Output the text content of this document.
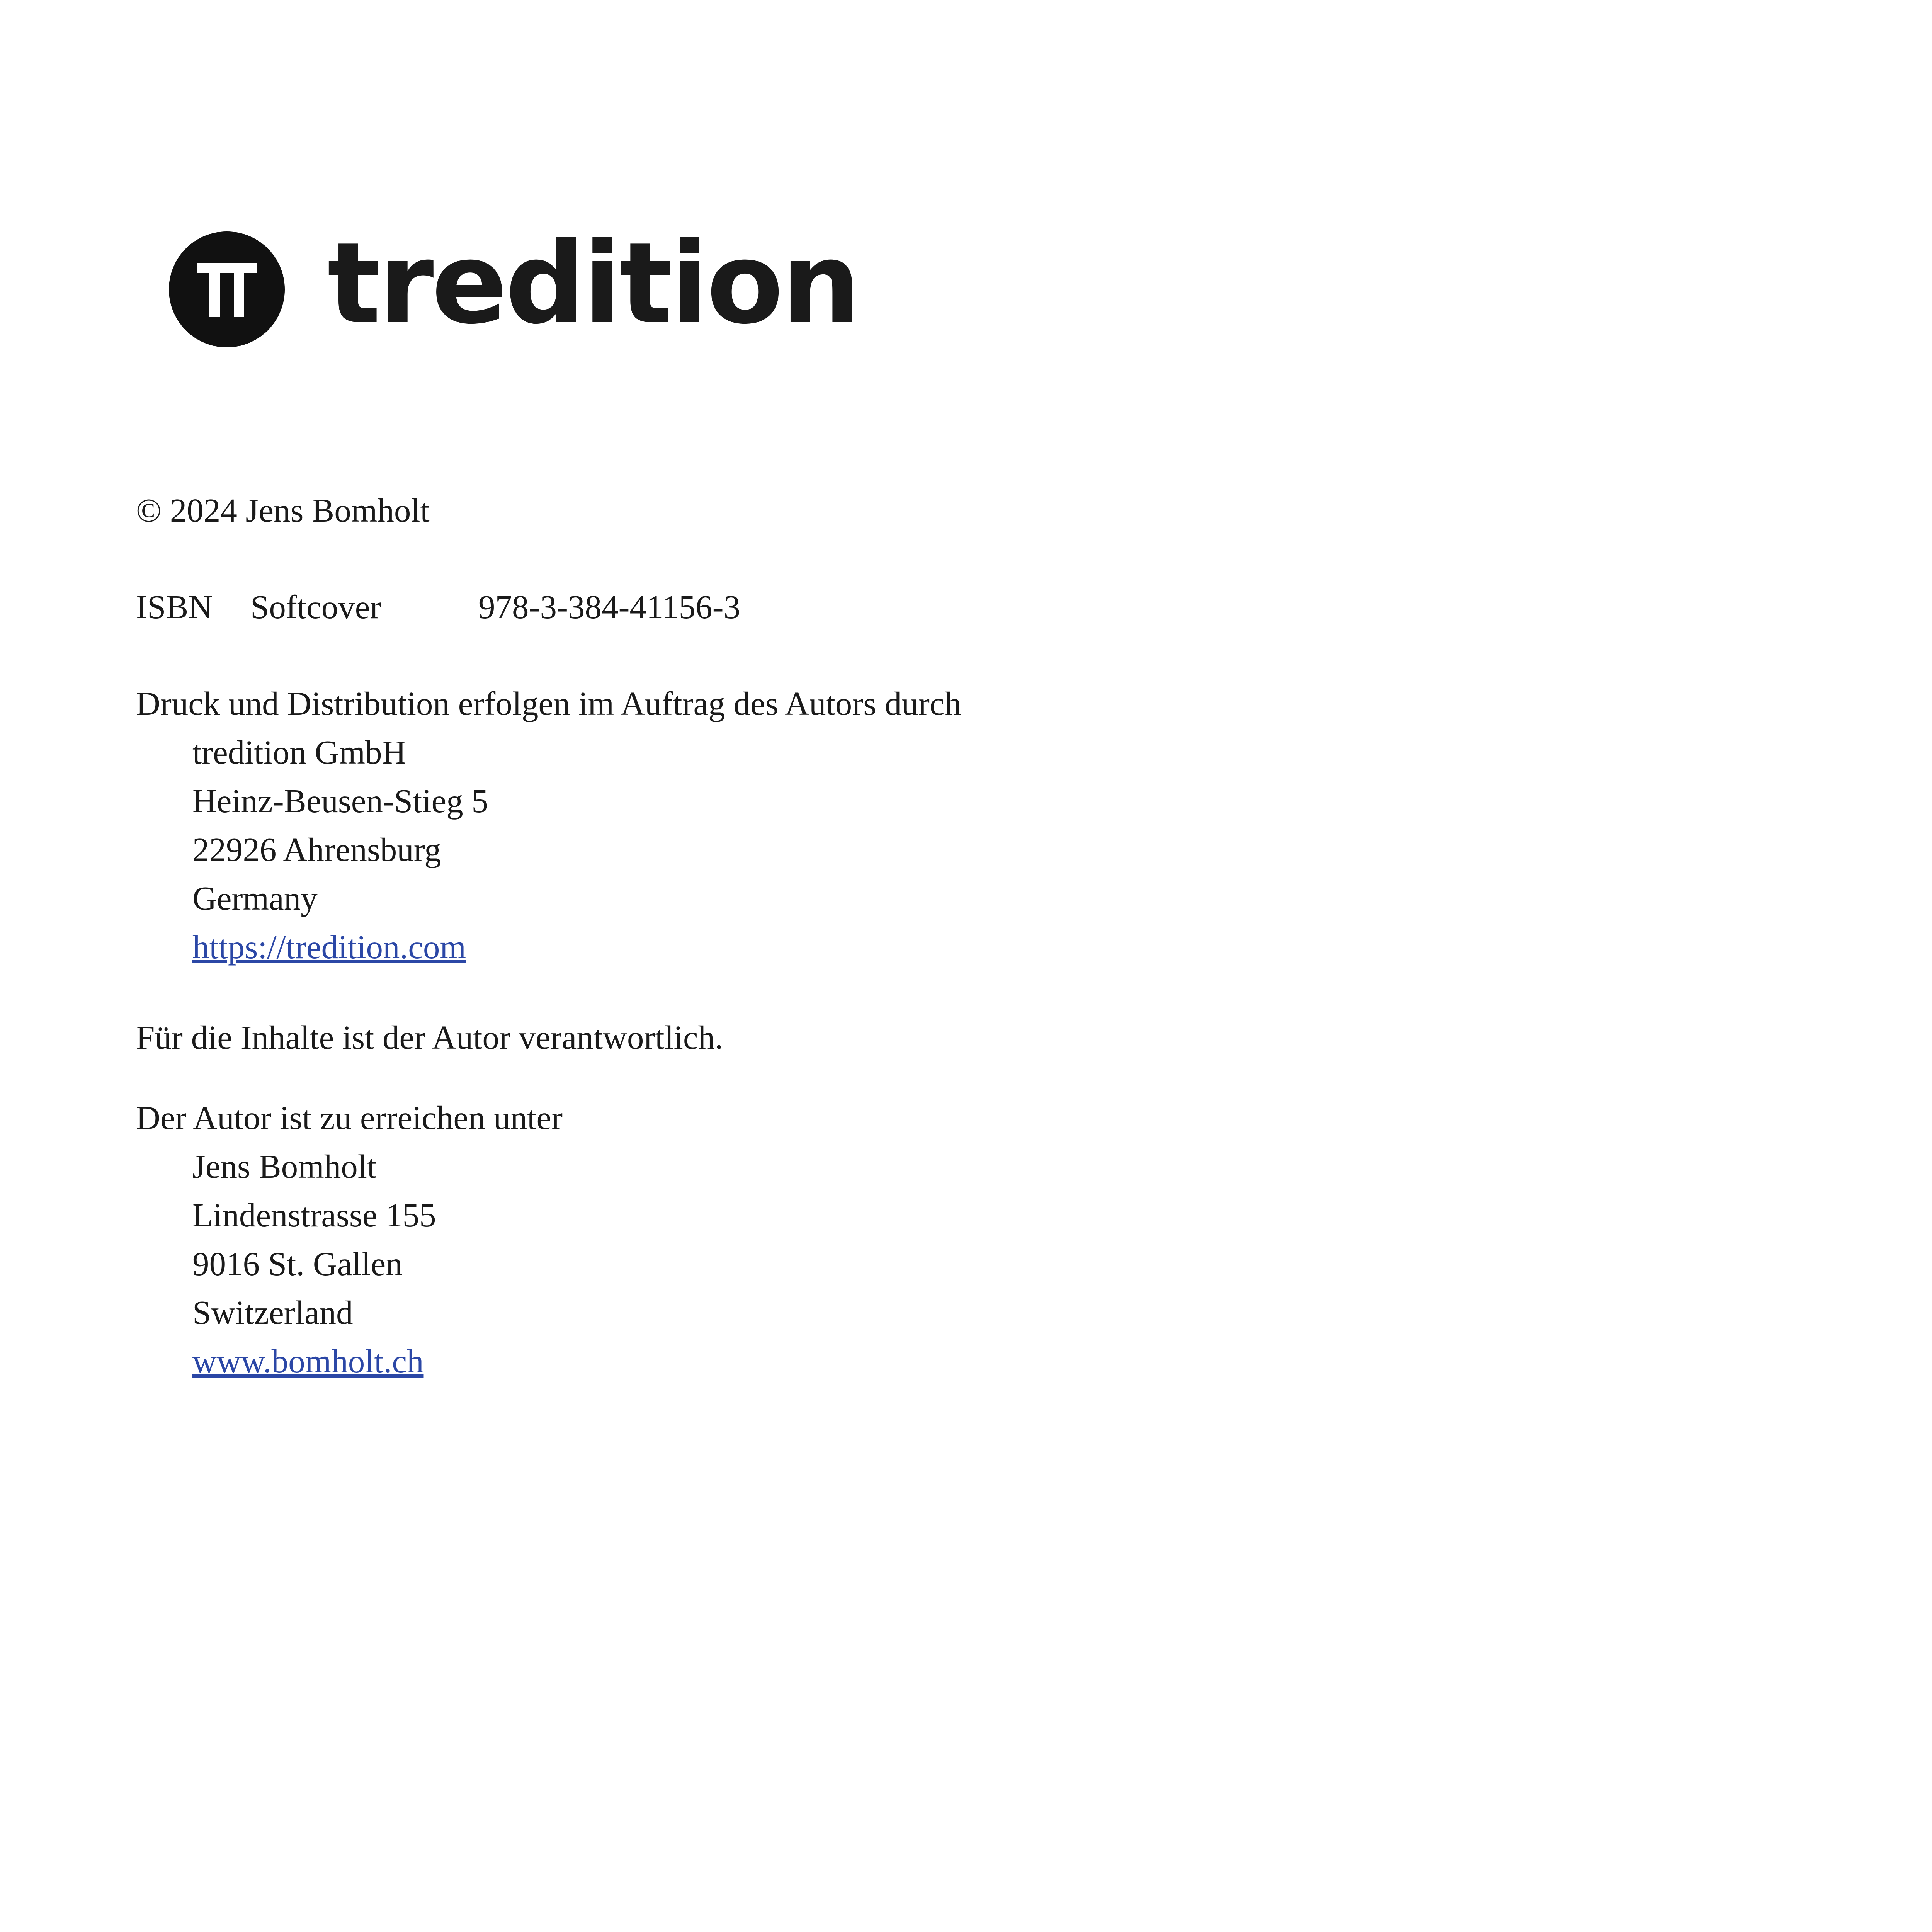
tredition
© 2024 Jens Bomholt
ISBN Softcover	978-3-384-41156-3
Druck und Distribution erfolgen im Auftrag des Autors durch
tredition GmbH
Heinz-Beusen-Stieg 5
22926 Ahrensburg
Germany
https://tredition.com
Für die Inhalte ist der Autor verantwortlich.
Der Autor ist zu erreichen unter
Jens Bomholt
Lindenstrasse 155
9016 St. Gallen
Switzerland
www.bomholt.ch
